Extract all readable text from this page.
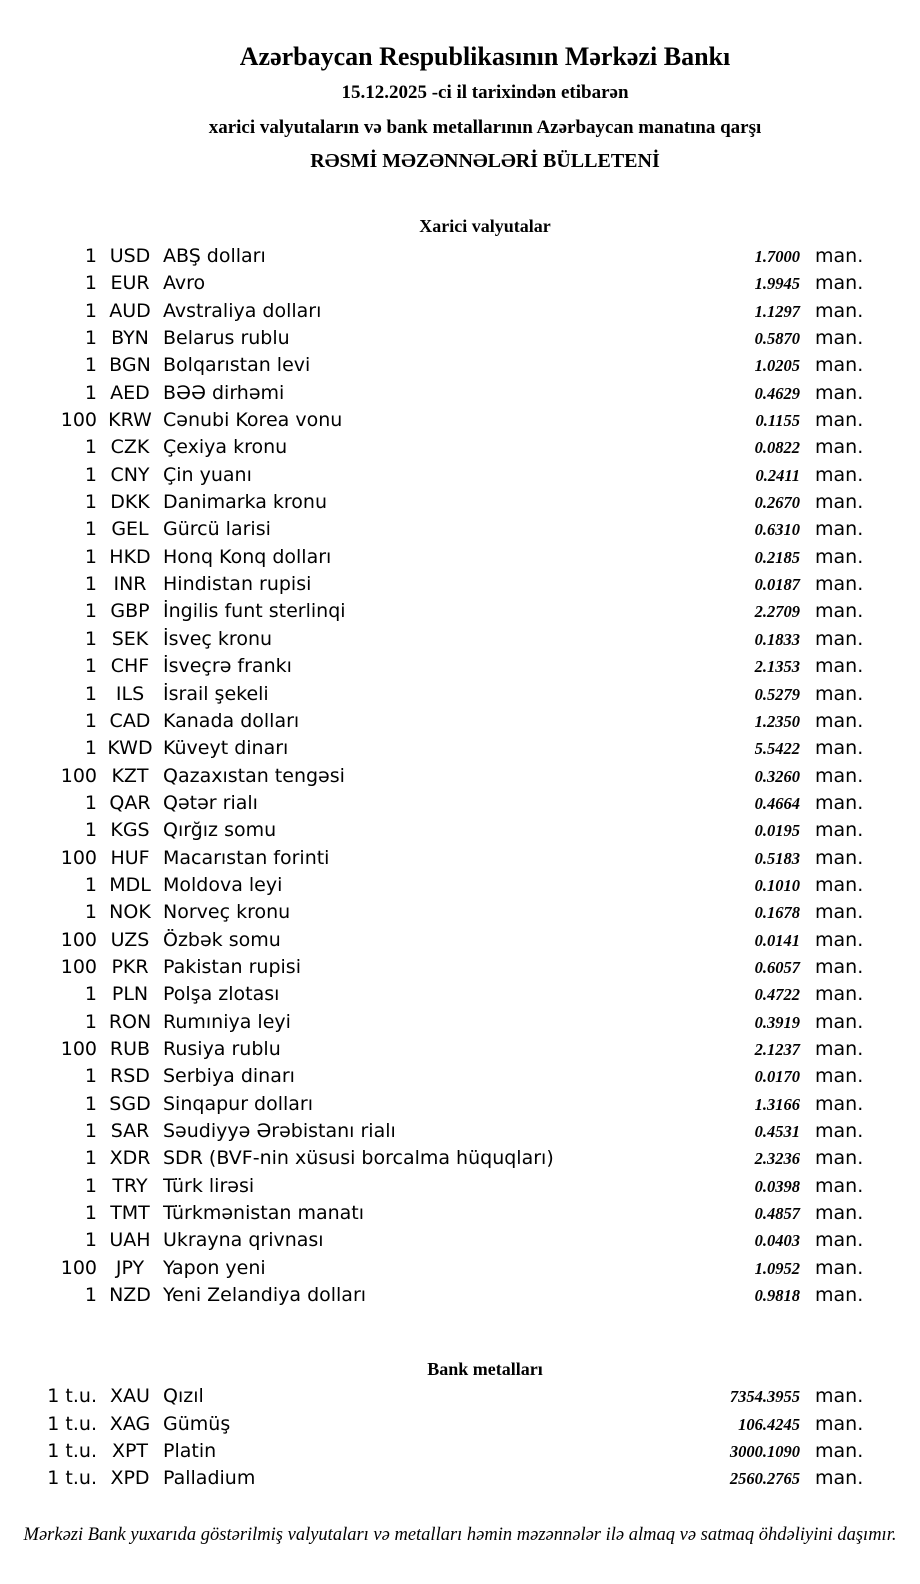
Azərbaycan Respublikasının Mərkəzi Bankı
15.12.2025 -ci il tarixindən etibarən
xarici valyutaların və bank metallarının Azərbaycan manatına qarşı
RƏSMİ MƏZƏNNƏLƏRİ BÜLLETENİ
Xarici valyutalar
1 USD ABŞ dolları	1.7000 man.
1 EUR Avro	1.9945 man.
1 AUD Avstraliya dolları	1.1297 man.
1 BYN Belarus rublu	0.5870 man.
1 BGN Bolqarıstan levi	1.0205 man.
1 AED BƏƏ dirhəmi	0.4629 man.
100 KRW Cənubi Korea vonu	0.1155 man.
1 CZK Çexiya kronu	0.0822 man.
1 CNY Çin yuanı	0.2411 man.
1 DKK Danimarka kronu	0.2670 man.
1 GEL Gürcü larisi	0.6310 man.
1 HKD Honq Konq dolları	0.2185 man.
1 INR Hindistan rupisi	0.0187 man.
1 GBP İngilis funt sterlinqi	2.2709 man.
1 SEK İsveç kronu	0.1833 man.
1 CHF İsveçrə frankı	2.1353 man.
1 ILS İsrail şekeli	0.5279 man.
1 CAD Kanada dolları	1.2350 man.
1 KWD Küveyt dinarı	5.5422 man.
100 KZT Qazaxıstan tengəsi	0.3260 man.
1 QAR Qətər rialı	0.4664 man.
1 KGS Qırğız somu	0.0195 man.
100 HUF Macarıstan forinti	0.5183 man.
1 MDL Moldova leyi	0.1010 man.
1 NOK Norveç kronu	0.1678 man.
100 UZS Özbək somu	0.0141 man.
100 PKR Pakistan rupisi	0.6057 man.
1 PLN Polşa zlotası	0.4722 man.
1 RON Rumıniya leyi	0.3919 man.
100 RUB Rusiya rublu	2.1237 man.
1 RSD Serbiya dinarı	0.0170 man.
1 SGD Sinqapur dolları	1.3166 man.
1 SAR Səudiyyə Ərəbistanı rialı	0.4531 man.
1 XDR SDR (BVF-nin xüsusi borcalma hüquqları)	2.3236 man.
1 TRY Türk lirəsi	0.0398 man.
1 TMT Türkmənistan manatı	0.4857 man.
1 UAH Ukrayna qrivnası	0.0403 man.
100 JPY Yapon yeni	1.0952 man.
1 NZD Yeni Zelandiya dolları	0.9818 man.
Bank metalları
1 t.u. XAU Qızıl	7354.3955 man.
1 t.u. XAG Gümüş	106.4245 man.
1 t.u. XPT Platin	3000.1090 man.
1 t.u. XPD Palladium	2560.2765 man.

Mərkəzi Bank yuxarıda göstərilmiş valyutaları və metalları həmin məzənnələr ilə almaq və satmaq öhdəliyini daşımır.
